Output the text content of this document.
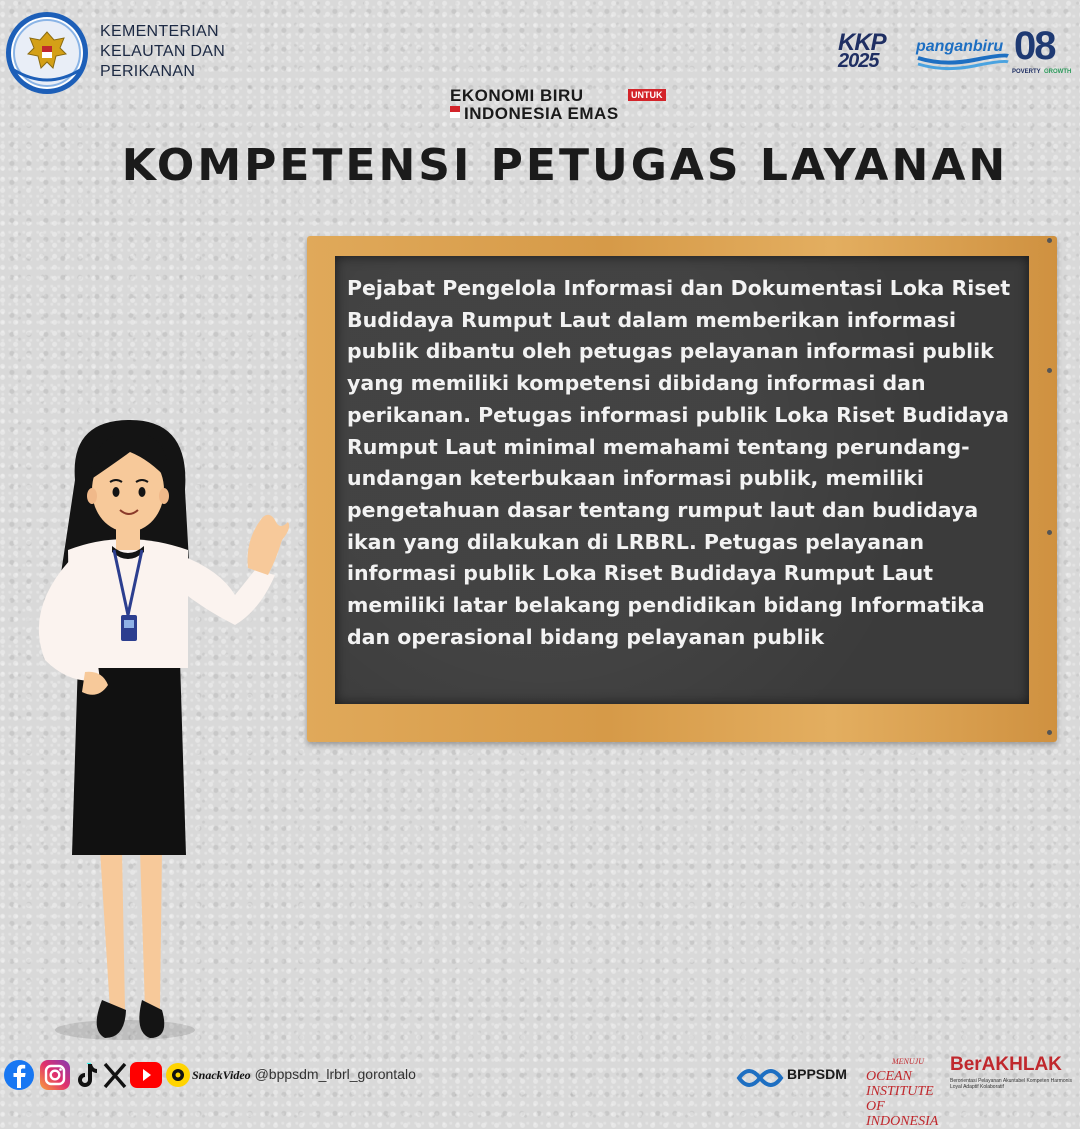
KEMENTERIAN
KELAUTAN DAN
PERIKANAN
KKP
2025
panganbiru 08
POVERTY GROWTH
EKONOMI BIRU	UNTUK
INDONESIA EMAS
KOMPETENSI PETUGAS LAYANAN

Pejabat Pengelola Informasi dan Dokumentasi Loka Riset Budidaya Rumput Laut dalam memberikan informasi publik dibantu oleh petugas pelayanan informasi publik yang memiliki kompetensi dibidang informasi dan perikanan. Petugas informasi publik Loka Riset Budidaya Rumput Laut minimal memahami tentang perundang-undangan keterbukaan informasi publik, memiliki pengetahuan dasar tentang rumput laut dan budidaya ikan yang dilakukan di LRBRL. Petugas pelayanan informasi publik Loka Riset Budidaya Rumput Laut memiliki latar belakang pendidikan bidang Informatika dan operasional bidang pelayanan publik

SnackVideo @bppsdm_lrbrl_gorontalo	BPPSDM
MENUJU
OCEAN INSTITUTE
OF INDONESIA
BerAKHLAK
Berorientasi Pelayanan Akuntabel Kompeten Harmonis Loyal Adaptif Kolaboratif
